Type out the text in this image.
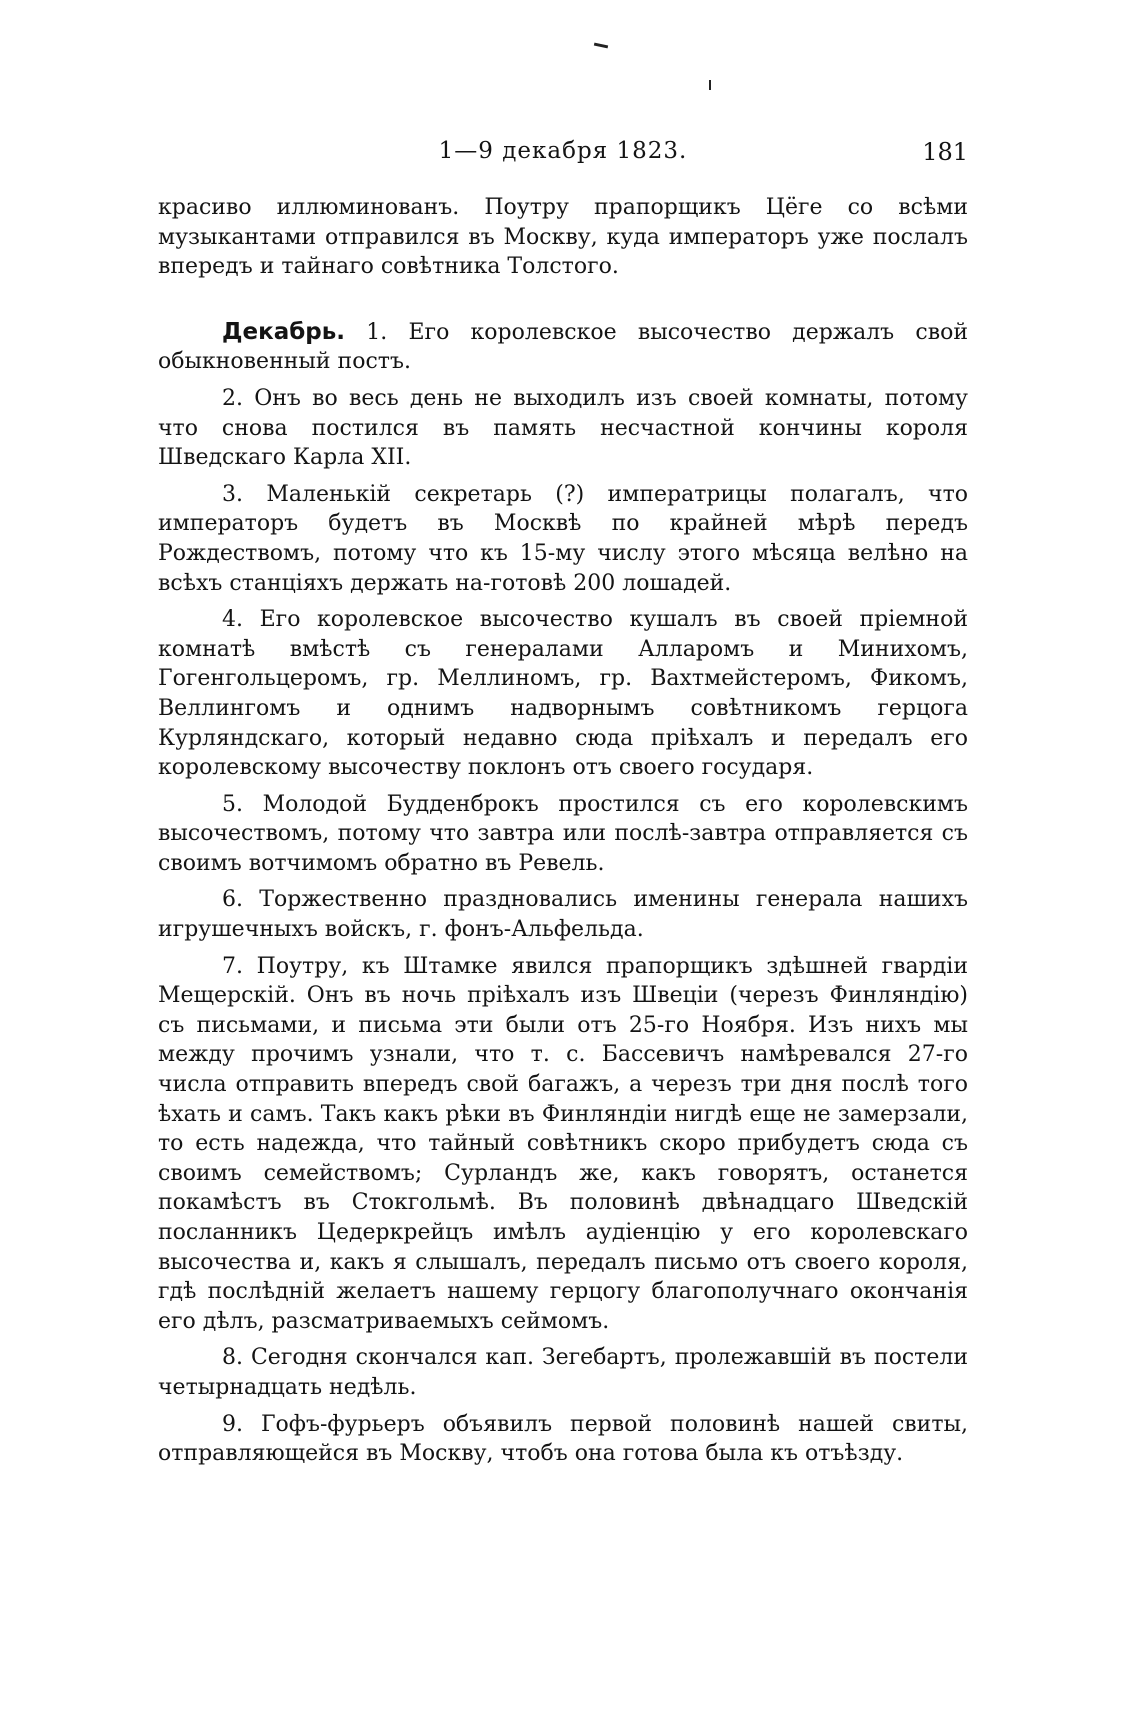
1—9 декабря 1823.	181

красиво иллюминованъ. Поутру прапорщикъ Цёге со всѣми музыкантами отправился въ Москву, куда императоръ уже послалъ впередъ и тайнаго совѣтника Толстого.

Декабрь. 1. Его королевское высочество держалъ свой обыкновенный постъ.

2. Онъ во весь день не выходилъ изъ своей комнаты, потому что снова постился въ память несчастной кончины короля Шведскаго Карла XII.

3. Маленькій секретарь (?) императрицы полагалъ, что императоръ будетъ въ Москвѣ по крайней мѣрѣ передъ Рождествомъ, потому что къ 15-му числу этого мѣсяца велѣно на всѣхъ станціяхъ держать на-готовѣ 200 лошадей.

4. Его королевское высочество кушалъ въ своей пріемной комнатѣ вмѣстѣ съ генералами Алларомъ и Минихомъ, Гогенгольцеромъ, гр. Меллиномъ, гр. Вахтмейстеромъ, Фикомъ, Веллингомъ и однимъ надворнымъ совѣтникомъ герцога Курляндскаго, который недавно сюда пріѣхалъ и передалъ его королевскому высочеству поклонъ отъ своего государя.

5. Молодой Будденброкъ простился съ его королевскимъ высочествомъ, потому что завтра или послѣ-завтра отправляется съ своимъ вотчимомъ обратно въ Ревель.

6. Торжественно праздновались именины генерала нашихъ игрушечныхъ войскъ, г. фонъ-Альфельда.

7. Поутру, къ Штамке явился прапорщикъ здѣшней гвардіи Мещерскій. Онъ въ ночь пріѣхалъ изъ Швеціи (черезъ Финляндію) съ письмами, и письма эти были отъ 25-го Ноября. Изъ нихъ мы между прочимъ узнали, что т. с. Бассевичъ намѣревался 27-го числа отправить впередъ свой багажъ, а черезъ три дня послѣ того ѣхать и самъ. Такъ какъ рѣки въ Финляндіи нигдѣ еще не замерзали, то есть надежда, что тайный совѣтникъ скоро прибудетъ сюда съ своимъ семействомъ; Сурландъ же, какъ говорятъ, останется покамѣстъ въ Стокгольмѣ. Въ половинѣ двѣнадцаго Шведскій посланникъ Цедеркрейцъ имѣлъ аудіенцію у его королевскаго высочества и, какъ я слышалъ, передалъ письмо отъ своего короля, гдѣ послѣдній желаетъ нашему герцогу благополучнаго окончанія его дѣлъ, разсматриваемыхъ сеймомъ.

8. Сегодня скончался кап. Зегебартъ, пролежавшій въ постели четырнадцать недѣль.

9. Гофъ-фурьеръ объявилъ первой половинѣ нашей свиты, отправляющейся въ Москву, чтобъ она готова была къ отъѣзду.
